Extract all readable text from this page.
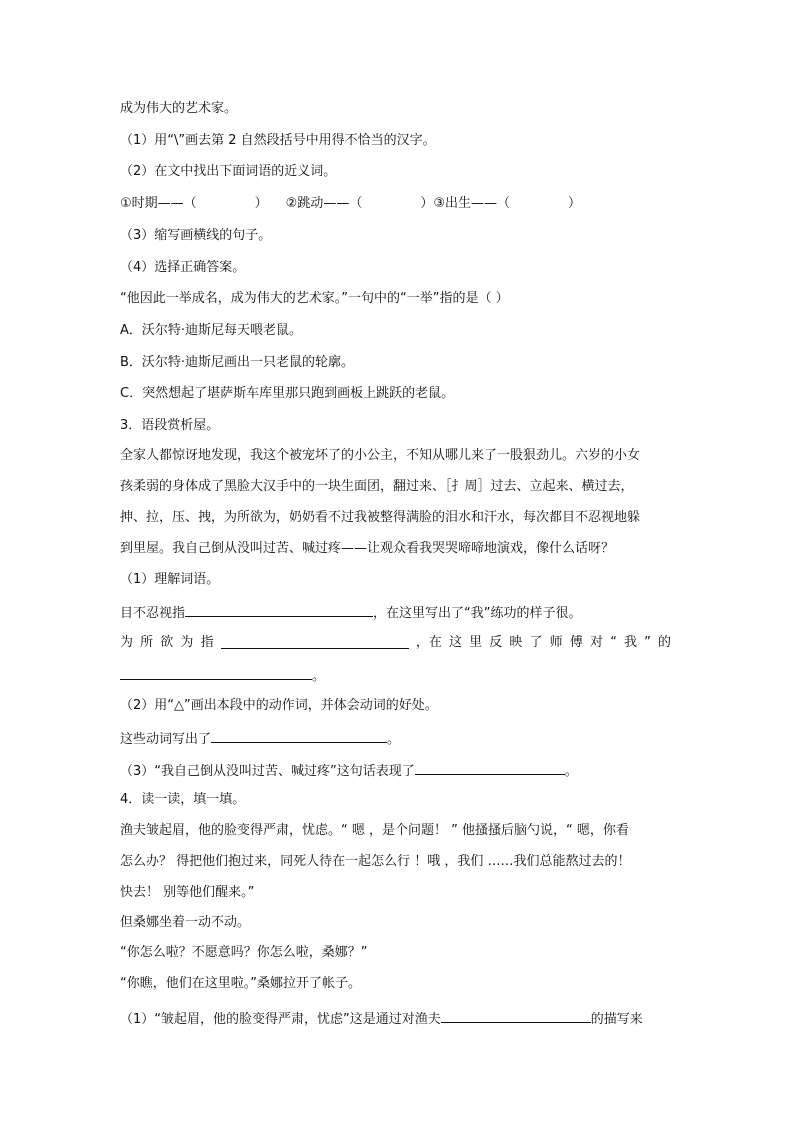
成为伟大的艺术家。
（1）用“\”画去第 2 自然段括号中用得不恰当的汉字。
（2）在文中找出下面词语的近义词。
①时期——（	） ②跳动——（	）③出生——（	）
（3）缩写画横线的句子。
（4）选择正确答案。
“他因此一举成名，成为伟大的艺术家。”一句中的“一举”指的是（ ）
A．沃尔特·迪斯尼每天喂老鼠。
B．沃尔特·迪斯尼画出一只老鼠的轮廓。
C．突然想起了堪萨斯车库里那只跑到画板上跳跃的老鼠。
3．语段赏析屋。
全家人都惊讶地发现，我这个被宠坏了的小公主，不知从哪儿来了一股狠劲儿。六岁的小女
孩柔弱的身体成了黑脸大汉手中的一块生面团，翻过来、［扌周］过去、立起来、横过去，
抻、拉，压、拽，为所欲为，奶奶看不过我被整得满脸的泪水和汗水，每次都目不忍视地躲
到里屋。我自己倒从没叫过苦、喊过疼——让观众看我哭哭啼啼地演戏，像什么话呀？
（1）理解词语。
目不忍视指	，在这里写出了“我”练功的样子很。
为 所 欲 为 指	，在 这 里 反 映 了 师 傅 对 “ 我 ” 的
。
（2）用“△”画出本段中的动作词，并体会动词的好处。
这些动词写出了	。
（3）“我自己倒从没叫过苦、喊过疼”这句话表现了	。
4．读一读，填一填。
渔夫皱起眉，他的脸变得严肃，忧虑。“ 嗯 ，是个问题！ ” 他搔搔后脑勺说，“ 嗯，你看
怎么办？ 得把他们抱过来，同死人待在一起怎么行 ！哦 ，我们 ……我们总能熬过去的！
快去！ 别等他们醒来。”
但桑娜坐着一动不动。
“你怎么啦？不愿意吗？你怎么啦，桑娜？”
“你瞧，他们在这里啦。”桑娜拉开了帐子。
（1）“皱起眉，他的脸变得严肃，忧虑”这是通过对渔夫	的描写来
